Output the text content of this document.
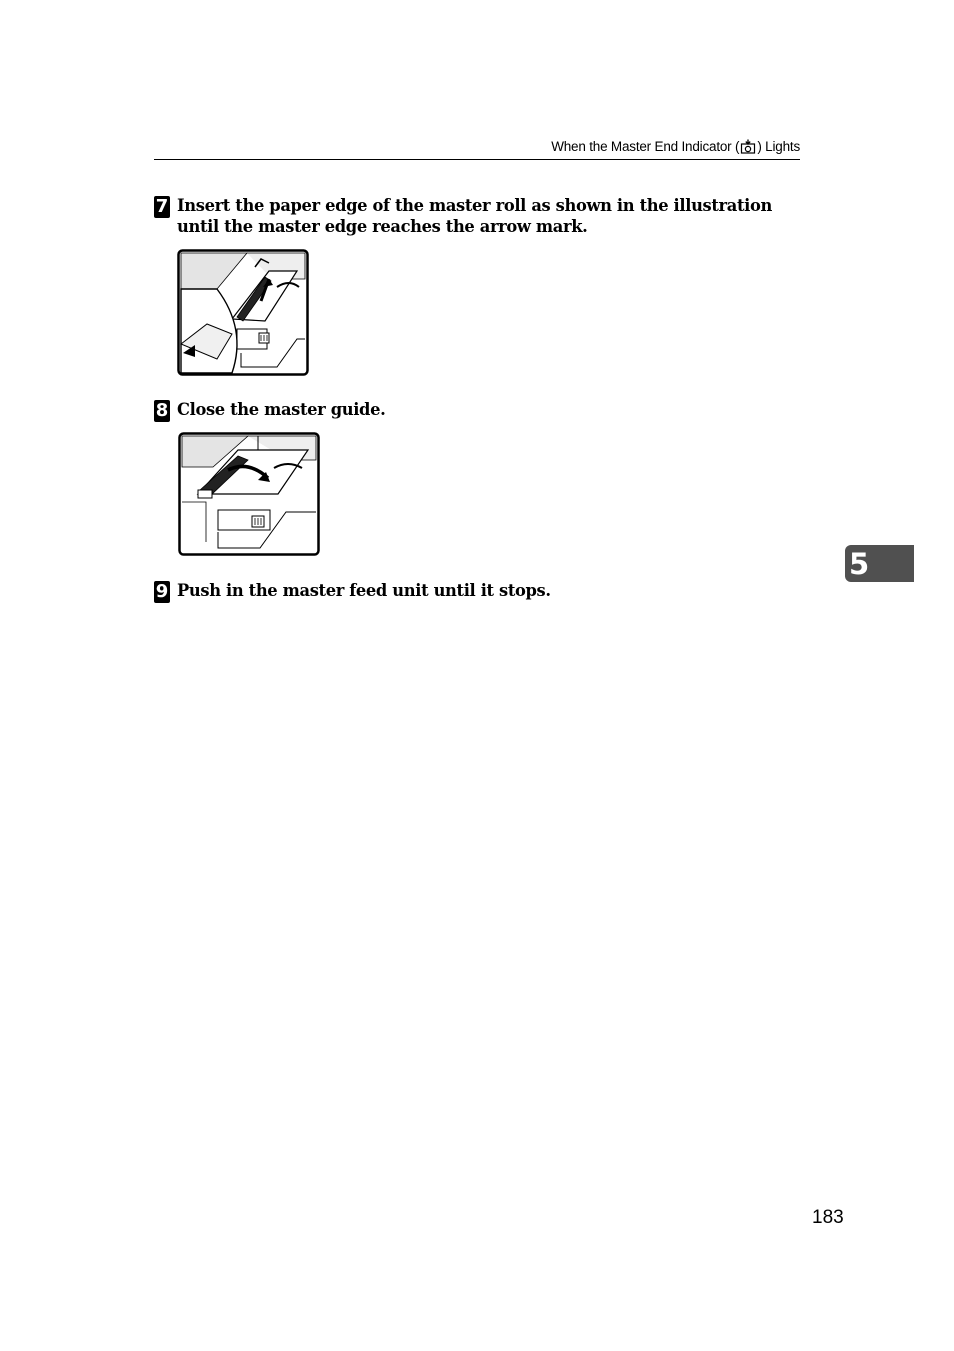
When the Master End Indicator ( ) Lights
7 Insert the paper edge of the master roll as shown in the illustration until the master edge reaches the arrow mark.
8 Close the master guide.
9 Push in the master feed unit until it stops.
5
183
